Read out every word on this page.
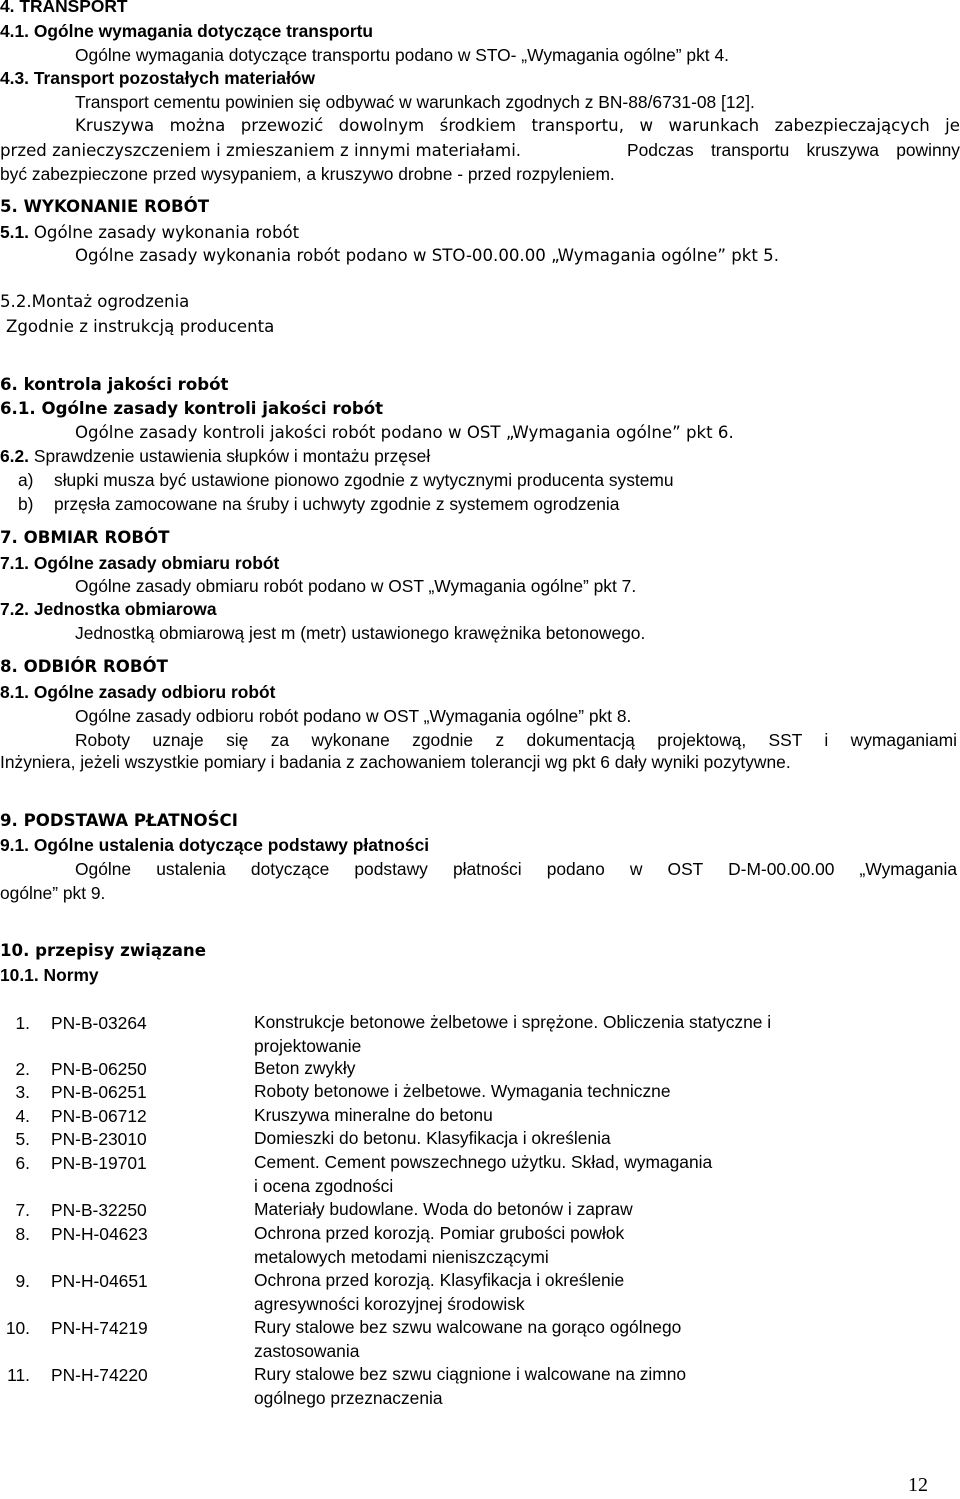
4. TRANSPORT
4.1. Ogólne wymagania dotyczące transportu
Ogólne wymagania dotyczące transportu podano w STO- „Wymagania ogólne” pkt 4.
4.3. Transport pozostałych materiałów
Transport cementu powinien się odbywać w warunkach zgodnych z BN-88/6731-08 [12].
Kruszywa można przewozić dowolnym środkiem transportu, w warunkach zabezpieczających je
przed zanieczyszczeniem i zmieszaniem z innymi materiałami.	Podczas transportu kruszywa powinny
być zabezpieczone przed wysypaniem, a kruszywo drobne - przed rozpyleniem.
5. WYKONANIE ROBÓT
5.1. Ogólne zasady wykonania robót
Ogólne zasady wykonania robót podano w STO-00.00.00 „Wymagania ogólne” pkt 5.
5.2.Montaż ogrodzenia
Zgodnie z instrukcją producenta
6. kontrola jakości robót
6.1. Ogólne zasady kontroli jakości robót
Ogólne zasady kontroli jakości robót podano w OST „Wymagania ogólne” pkt 6.
6.2. Sprawdzenie ustawienia słupków i montażu przęseł
a) słupki musza być ustawione pionowo zgodnie z wytycznymi producenta systemu
b) przęsła zamocowane na śruby i uchwyty zgodnie z systemem ogrodzenia
7. OBMIAR ROBÓT
7.1. Ogólne zasady obmiaru robót
Ogólne zasady obmiaru robót podano w OST „Wymagania ogólne” pkt 7.
7.2. Jednostka obmiarowa
Jednostką obmiarową jest m (metr) ustawionego krawężnika betonowego.
8. ODBIÓR ROBÓT
8.1. Ogólne zasady odbioru robót
Ogólne zasady odbioru robót podano w OST „Wymagania ogólne” pkt 8.
Roboty uznaje się za wykonane zgodnie z dokumentacją projektową, SST i wymaganiami
Inżyniera, jeżeli wszystkie pomiary i badania z zachowaniem tolerancji wg pkt 6 dały wyniki pozytywne.
9. PODSTAWA PŁATNOŚCI
9.1. Ogólne ustalenia dotyczące podstawy płatności
Ogólne ustalenia dotyczące podstawy płatności podano w OST D-M-00.00.00 „Wymagania
ogólne” pkt 9.
10. przepisy związane
10.1. Normy
1. PN-B-03264	Konstrukcje betonowe żelbetowe i sprężone. Obliczenia statyczne i projektowanie
2. PN-B-06250	Beton zwykły
3. PN-B-06251	Roboty betonowe i żelbetowe. Wymagania techniczne
4. PN-B-06712	Kruszywa mineralne do betonu
5. PN-B-23010	Domieszki do betonu. Klasyfikacja i określenia
6. PN-B-19701	Cement. Cement powszechnego użytku. Skład, wymagania i ocena zgodności
7. PN-B-32250	Materiały budowlane. Woda do betonów i zapraw
8. PN-H-04623	Ochrona przed korozją. Pomiar grubości powłok metalowych metodami nieniszczącymi
9. PN-H-04651	Ochrona przed korozją. Klasyfikacja i określenie agresywności korozyjnej środowisk
10. PN-H-74219	Rury stalowe bez szwu walcowane na gorąco ogólnego zastosowania
11. PN-H-74220	Rury stalowe bez szwu ciągnione i walcowane na zimno ogólnego przeznaczenia
12
